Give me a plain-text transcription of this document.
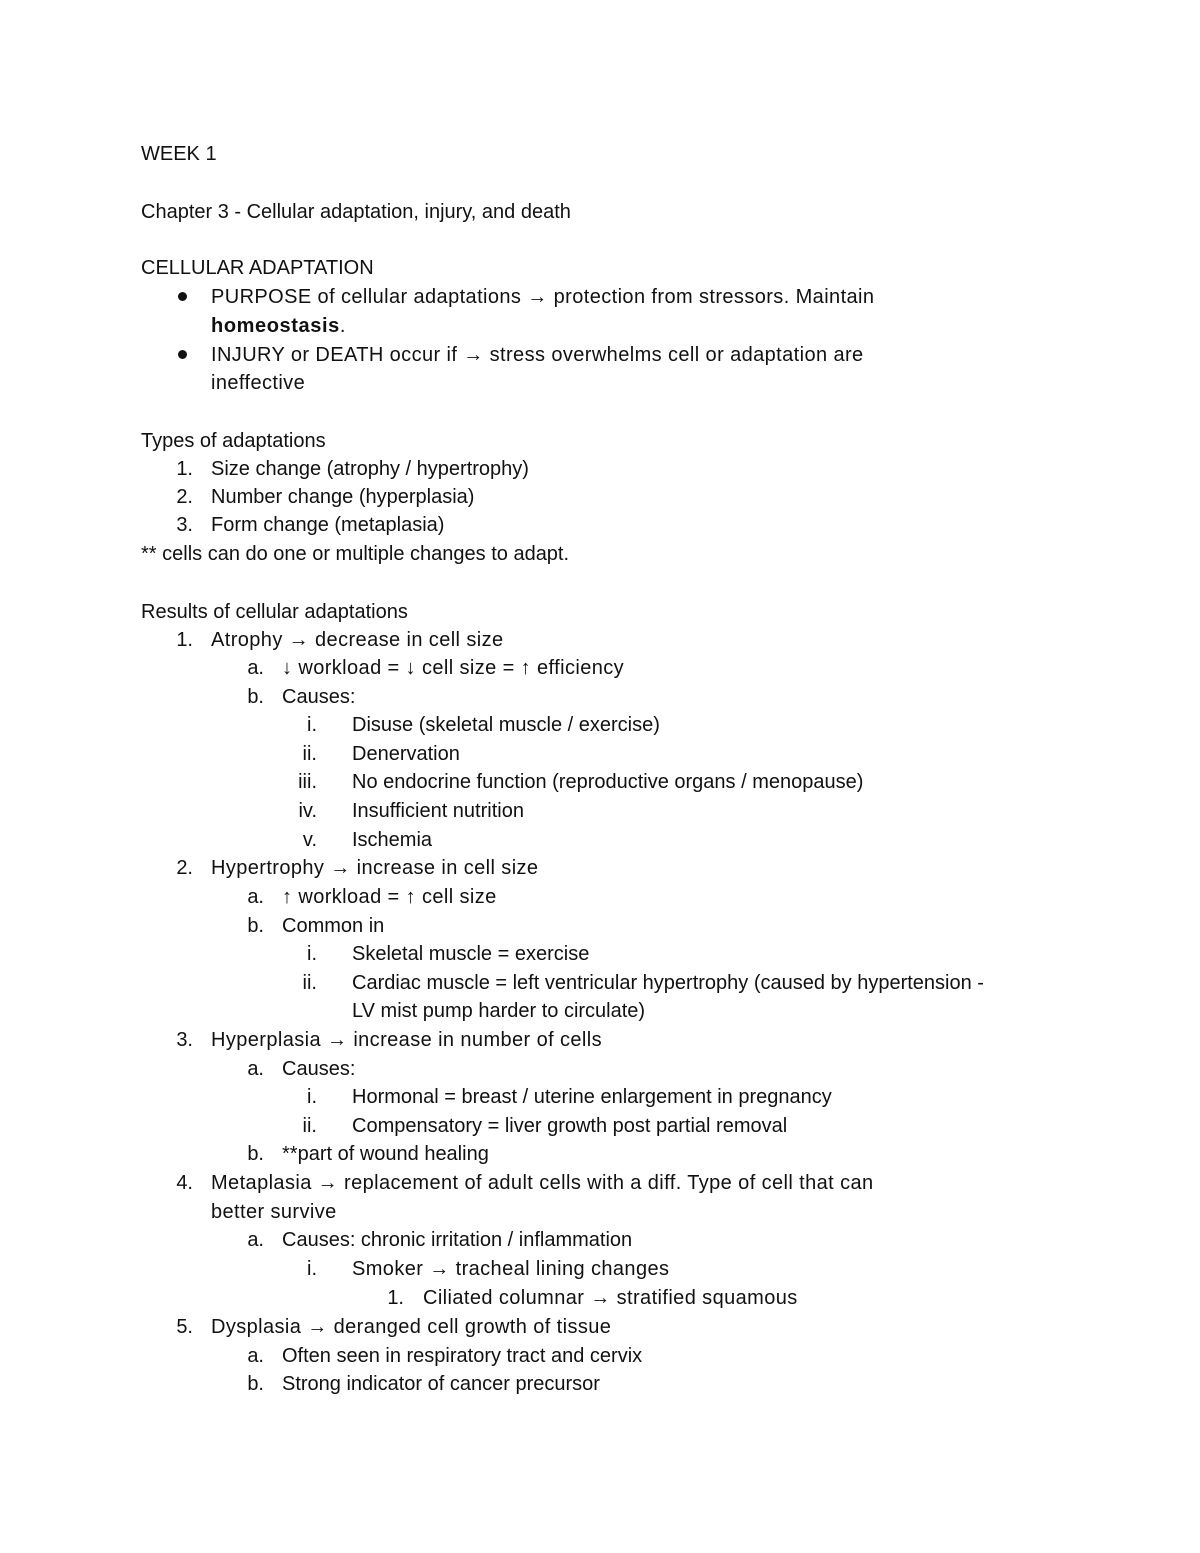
WEEK 1
Chapter 3 - Cellular adaptation, injury, and death
CELLULAR ADAPTATION
PURPOSE of cellular adaptations → protection from stressors. Maintain
homeostasis.
INJURY or DEATH occur if → stress overwhelms cell or adaptation are
ineffective
Types of adaptations
1. Size change (atrophy / hypertrophy)
2. Number change (hyperplasia)
3. Form change (metaplasia)
** cells can do one or multiple changes to adapt.
Results of cellular adaptations
1. Atrophy → decrease in cell size
a. ↓ workload = ↓ cell size = ↑ efficiency
b. Causes:
i. Disuse (skeletal muscle / exercise)
ii. Denervation
iii. No endocrine function (reproductive organs / menopause)
iv. Insufficient nutrition
v. Ischemia
2. Hypertrophy → increase in cell size
a. ↑ workload = ↑ cell size
b. Common in
i. Skeletal muscle = exercise
ii. Cardiac muscle = left ventricular hypertrophy (caused by hypertension -
LV mist pump harder to circulate)
3. Hyperplasia → increase in number of cells
a. Causes:
i. Hormonal = breast / uterine enlargement in pregnancy
ii. Compensatory = liver growth post partial removal
b. **part of wound healing
4. Metaplasia → replacement of adult cells with a diff. Type of cell that can
better survive
a. Causes: chronic irritation / inflammation
i. Smoker → tracheal lining changes
1. Ciliated columnar → stratified squamous
5. Dysplasia → deranged cell growth of tissue
a. Often seen in respiratory tract and cervix
b. Strong indicator of cancer precursor
